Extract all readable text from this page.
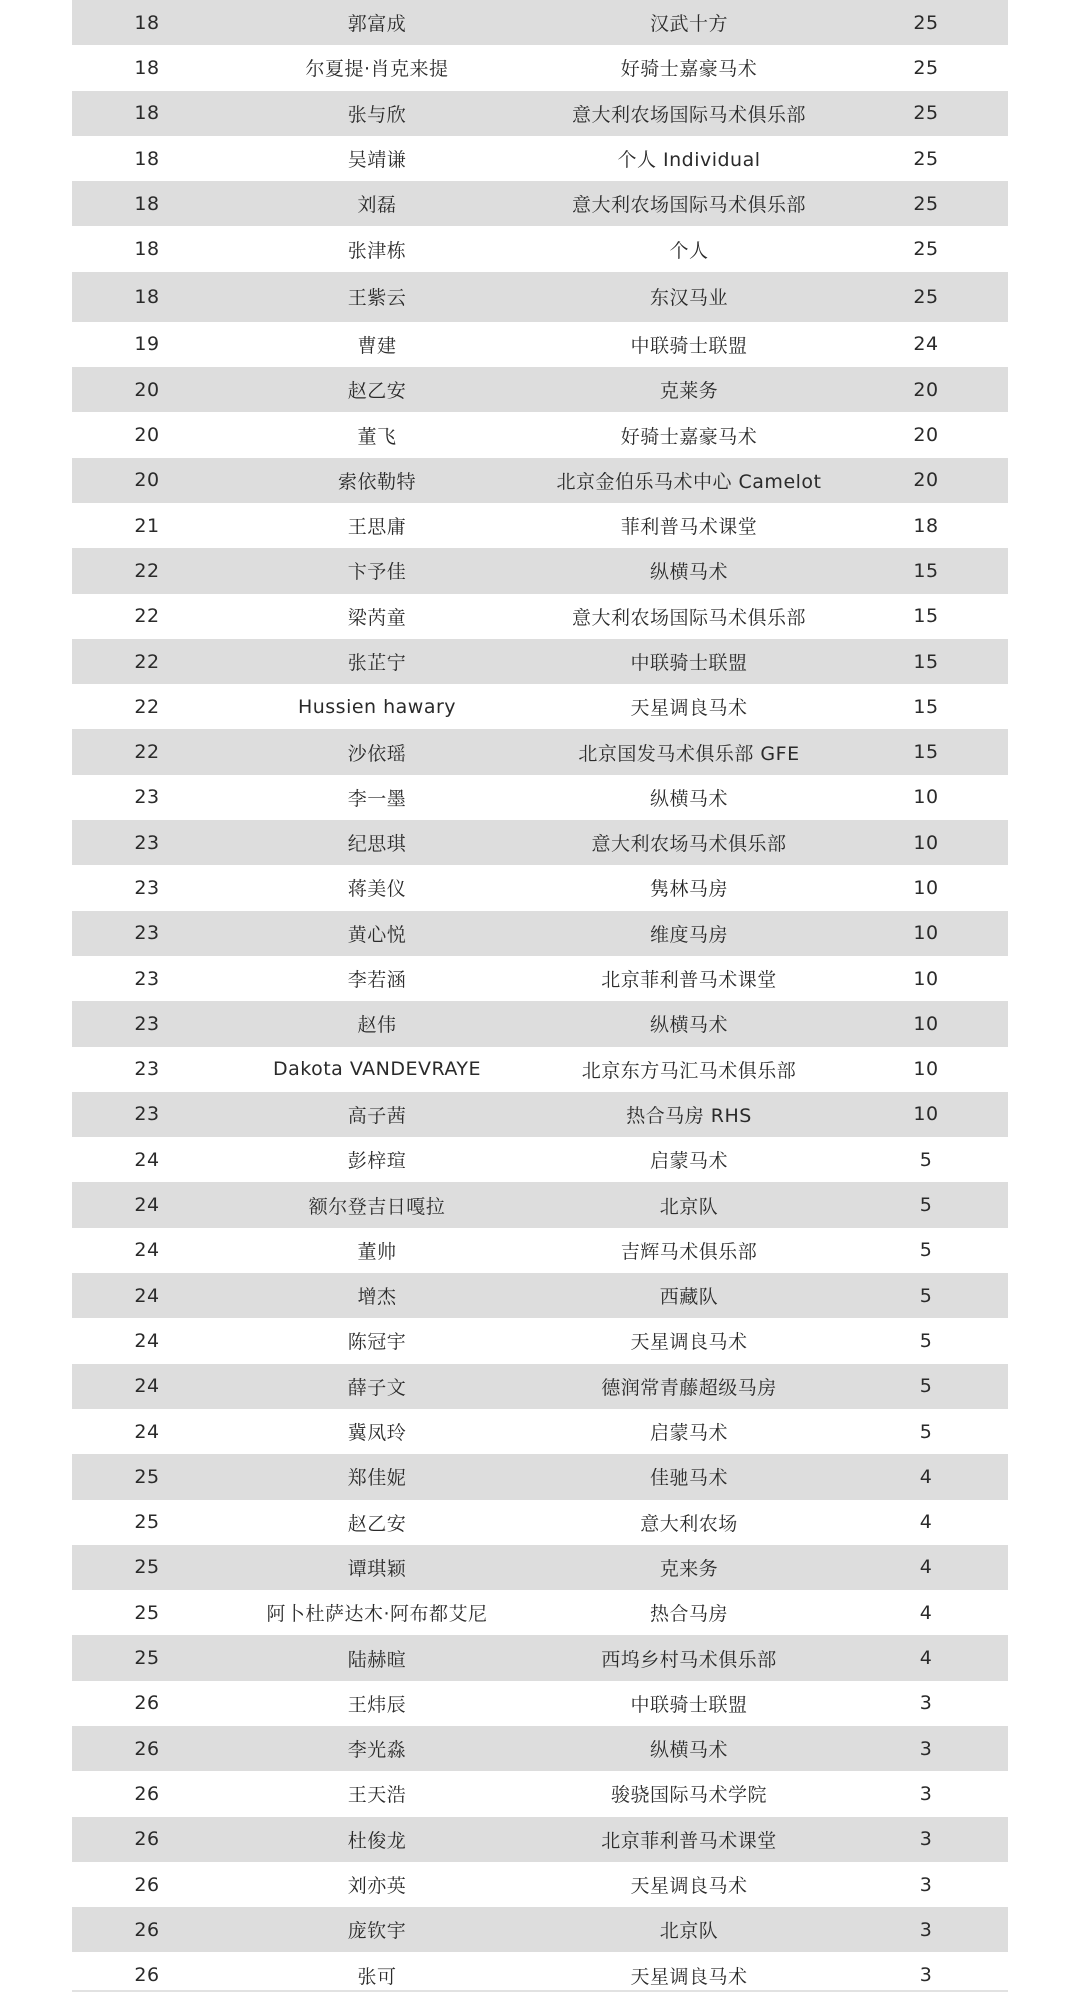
18	郭富成	汉武十方	25
18	尔夏提·肖克来提	好骑士嘉豪马术	25
18	张与欣	意大利农场国际马术俱乐部	25
18	吴靖谦	个人 Individual	25
18	刘磊	意大利农场国际马术俱乐部	25
18	张津栋	个人	25
18	王紫云	东汉马业	25
19	曹建	中联骑士联盟	24
20	赵乙安	克莱务	20
20	董飞	好骑士嘉豪马术	20
20	索依勒特	北京金伯乐马术中心 Camelot	20
21	王思庸	菲利普马术课堂	18
22	卞予佳	纵横马术	15
22	梁芮童	意大利农场国际马术俱乐部	15
22	张芷宁	中联骑士联盟	15
22	Hussien hawary	天星调良马术	15
22	沙依瑶	北京国发马术俱乐部 GFE	15
23	李一墨	纵横马术	10
23	纪思琪	意大利农场马术俱乐部	10
23	蒋美仪	隽林马房	10
23	黄心悦	维度马房	10
23	李若涵	北京菲利普马术课堂	10
23	赵伟	纵横马术	10
23	Dakota VANDEVRAYE	北京东方马汇马术俱乐部	10
23	高子茜	热合马房 RHS	10
24	彭梓瑄	启蒙马术	5
24	额尔登吉日嘎拉	北京队	5
24	董帅	吉辉马术俱乐部	5
24	增杰	西藏队	5
24	陈冠宇	天星调良马术	5
24	薛子文	德润常青藤超级马房	5
24	冀凤玲	启蒙马术	5
25	郑佳妮	佳驰马术	4
25	赵乙安	意大利农场	4
25	谭琪颖	克来务	4
25	阿卜杜萨达木·阿布都艾尼	热合马房	4
25	陆赫暄	西坞乡村马术俱乐部	4
26	王炜辰	中联骑士联盟	3
26	李光淼	纵横马术	3
26	王天浩	骏骁国际马术学院	3
26	杜俊龙	北京菲利普马术课堂	3
26	刘亦英	天星调良马术	3
26	庞钦宇	北京队	3
26	张可	天星调良马术	3
